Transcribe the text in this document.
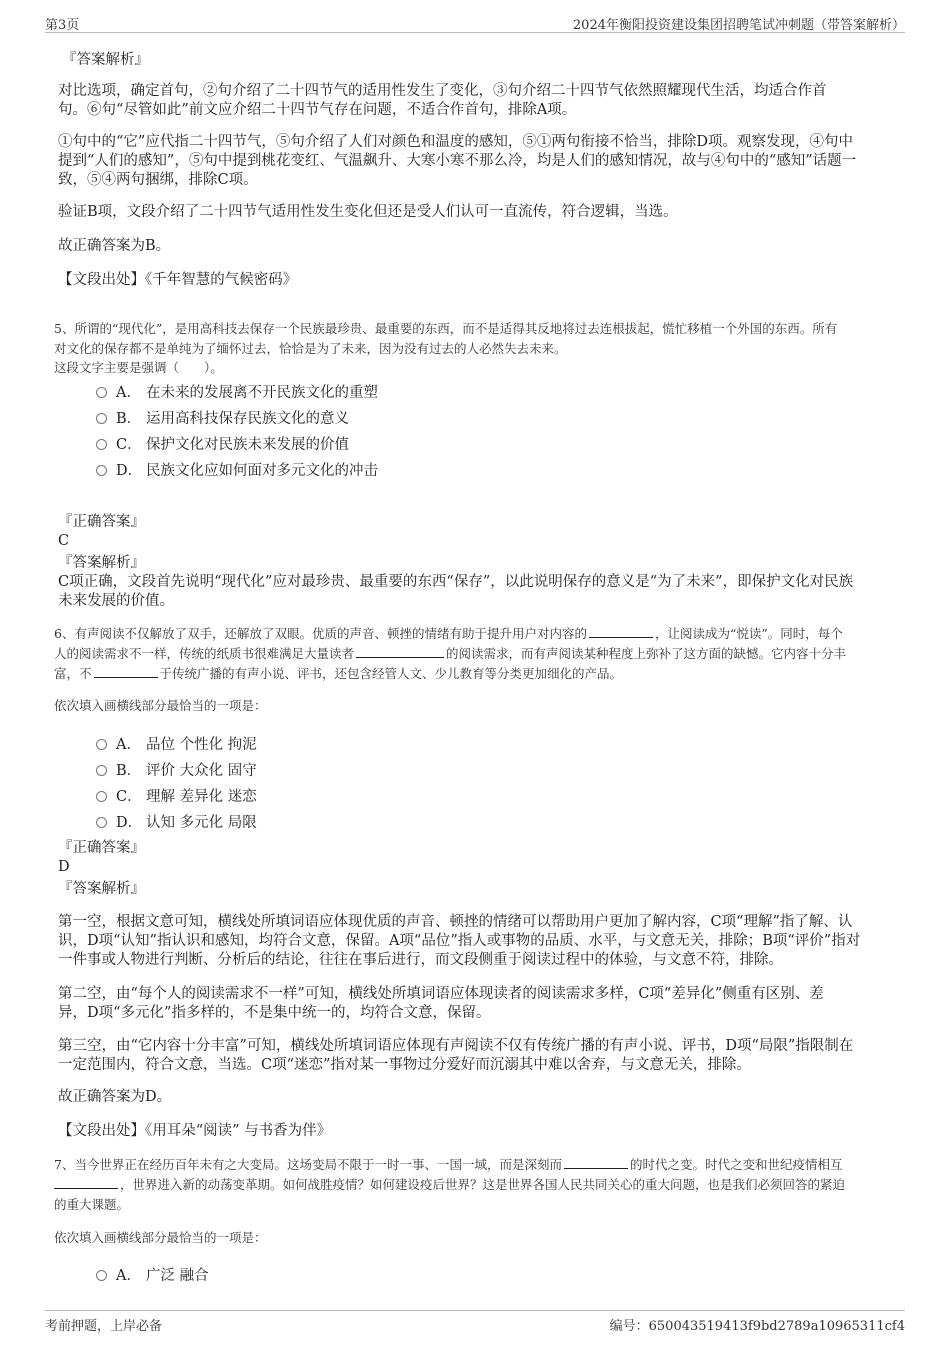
第3页	2024年衡阳投资建设集团招聘笔试冲刺题（带答案解析）
『答案解析』
对比选项，确定首句，②句介绍了二十四节气的适用性发生了变化，③句介绍二十四节气依然照耀现代生活，均适合作首
句。⑥句“尽管如此”前文应介绍二十四节气存在问题，不适合作首句，排除A项。
①句中的“它”应代指二十四节气，⑤句介绍了人们对颜色和温度的感知，⑤①两句衔接不恰当，排除D项。观察发现，④句中
提到“人们的感知”，⑤句中提到桃花变红、气温飙升、大寒小寒不那么冷，均是人们的感知情况，故与④句中的“感知”话题一
致，⑤④两句捆绑，排除C项。
验证B项，文段介绍了二十四节气适用性发生变化但还是受人们认可一直流传，符合逻辑，当选。
故正确答案为B。
【文段出处】《千年智慧的气候密码》
5、所谓的“现代化”，是用高科技去保存一个民族最珍贵、最重要的东西，而不是适得其反地将过去连根拔起，慌忙移植一个外国的东西。所有
对文化的保存都不是单纯为了缅怀过去，恰恰是为了未来，因为没有过去的人必然失去未来。
这段文字主要是强调（　　）。
A． 在未来的发展离不开民族文化的重塑
B． 运用高科技保存民族文化的意义
C． 保护文化对民族未来发展的价值
D． 民族文化应如何面对多元文化的冲击
『正确答案』
C
『答案解析』
C项正确，文段首先说明“现代化”应对最珍贵、最重要的东西“保存”，以此说明保存的意义是“为了未来”，即保护文化对民族
未来发展的价值。
6、有声阅读不仅解放了双手，还解放了双眼。优质的声音、顿挫的情绪有助于提升用户对内容的	，让阅读成为“悦读”。同时，每个
人的阅读需求不一样，传统的纸质书很难满足大量读者	的阅读需求，而有声阅读某种程度上弥补了这方面的缺憾。它内容十分丰
富，不	于传统广播的有声小说、评书，还包含经管人文、少儿教育等分类更加细化的产品。
依次填入画横线部分最恰当的一项是：
A． 品位 个性化 拘泥
B． 评价 大众化 固守
C． 理解 差异化 迷恋
D． 认知 多元化 局限
『正确答案』
D
『答案解析』
第一空，根据文意可知，横线处所填词语应体现优质的声音、顿挫的情绪可以帮助用户更加了解内容，C项“理解”指了解、认
识，D项“认知”指认识和感知，均符合文意，保留。A项“品位”指人或事物的品质、水平，与文意无关，排除；B项“评价”指对
一件事或人物进行判断、分析后的结论，往往在事后进行，而文段侧重于阅读过程中的体验，与文意不符，排除。
第二空，由“每个人的阅读需求不一样”可知，横线处所填词语应体现读者的阅读需求多样，C项“差异化”侧重有区别、差
异，D项“多元化”指多样的，不是集中统一的，均符合文意，保留。
第三空，由“它内容十分丰富”可知，横线处所填词语应体现有声阅读不仅有传统广播的有声小说、评书，D项“局限”指限制在
一定范围内，符合文意，当选。C项“迷恋”指对某一事物过分爱好而沉溺其中难以舍弃，与文意无关，排除。
故正确答案为D。
【文段出处】《用耳朵“阅读” 与书香为伴》
7、当今世界正在经历百年未有之大变局。这场变局不限于一时一事、一国一域，而是深刻而	的时代之变。时代之变和世纪疫情相互
，世界进入新的动荡变革期。如何战胜疫情？如何建设疫后世界？这是世界各国人民共同关心的重大问题，也是我们必须回答的紧迫
的重大课题。
依次填入画横线部分最恰当的一项是：
A． 广泛 融合
考前押题，上岸必备	编号：650043519413f9bd2789a10965311cf4
